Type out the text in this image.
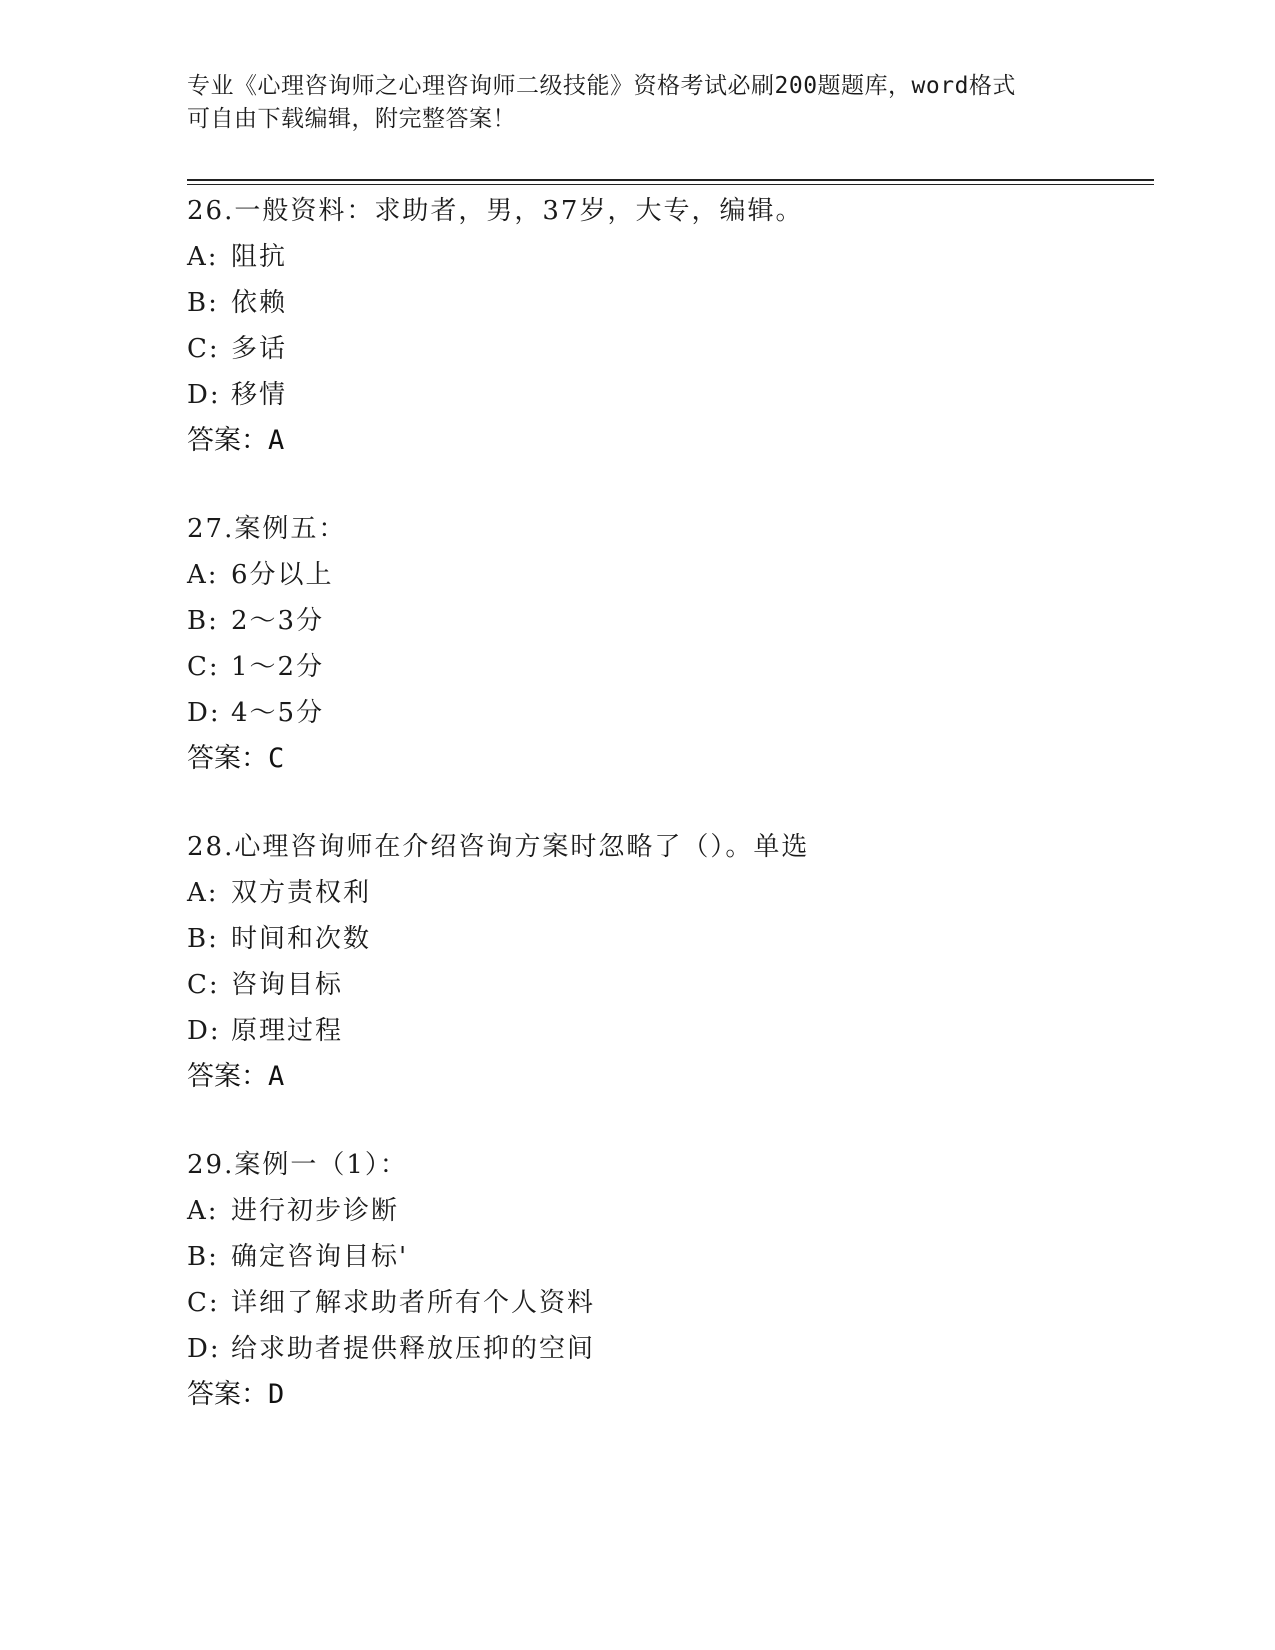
专业《心理咨询师之心理咨询师二级技能》资格考试必刷200题题库，word格式

可自由下载编辑，附完整答案！

26.一般资料：求助者，男，37岁，大专，编辑。
A: 阻抗
B: 依赖
C: 多话
D: 移情
答案：A
27.案例五：
A: 6分以上
B: 2～3分
C: 1～2分
D: 4～5分
答案：C
28.心理咨询师在介绍咨询方案时忽略了（）。单选
A: 双方责权利
B: 时间和次数
C: 咨询目标
D: 原理过程
答案：A
29.案例一（1）：
A: 进行初步诊断
B: 确定咨询目标'
C: 详细了解求助者所有个人资料
D: 给求助者提供释放压抑的空间
答案：D
